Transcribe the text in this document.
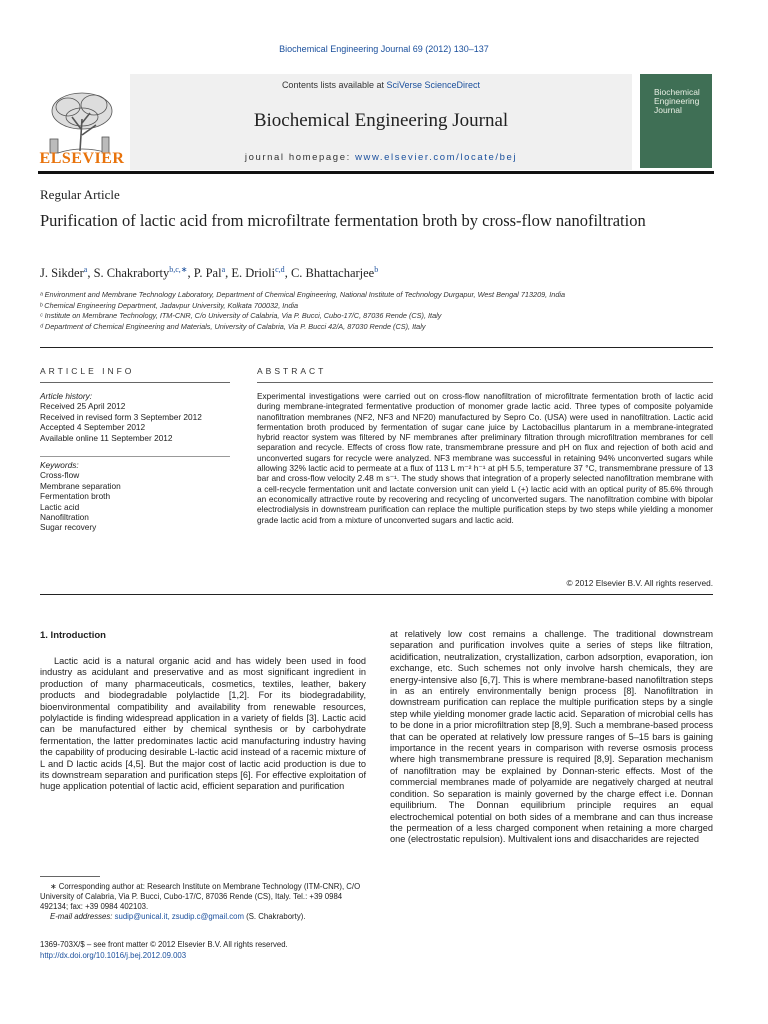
Biochemical Engineering Journal 69 (2012) 130–137
Contents lists available at SciVerse ScienceDirect
Biochemical Engineering Journal
journal homepage: www.elsevier.com/locate/bej
ELSEVIER
Biochemical Engineering Journal
Regular Article
Purification of lactic acid from microfiltrate fermentation broth by cross-flow nanofiltration
J. Sikder$^a$, S. Chakraborty$^{b,c,∗}$, P. Pal$^a$, E. Drioli$^{c,d}$, C. Bhattacharjee$^b$
ᵃ Environment and Membrane Technology Laboratory, Department of Chemical Engineering, National Institute of Technology Durgapur, West Bengal 713209, India
ᵇ Chemical Engineering Department, Jadavpur University, Kolkata 700032, India
ᶜ Institute on Membrane Technology, ITM-CNR, C/o University of Calabria, Via P. Bucci, Cubo-17/C, 87036 Rende (CS), Italy
ᵈ Department of Chemical Engineering and Materials, University of Calabria, Via P. Bucci 42/A, 87030 Rende (CS), Italy
ARTICLE INFO	ABSTRACT
Article history:
Received 25 April 2012
Received in revised form 3 September 2012
Accepted 4 September 2012
Available online 11 September 2012
Keywords:
Cross-flow
Membrane separation
Fermentation broth
Lactic acid
Nanofiltration
Sugar recovery
Experimental investigations were carried out on cross-flow nanofiltration of microfiltrate fermentation broth of lactic acid during membrane-integrated fermentative production of monomer grade lactic acid. Three types of composite polyamide nanofiltration membranes (NF2, NF3 and NF20) manufactured by Sepro Co. (USA) were used in nanofiltration. Lactic acid fermentation broth produced by fermentation of sugar cane juice by Lactobacillus plantarum in a membrane-integrated hybrid reactor system was filtered by NF membranes after preliminary filtration through microfiltration membranes for cell separation and recycle. Effects of cross flow rate, transmembrane pressure and pH on flux and rejection of both acid and unconverted sugars for recycle were analyzed. NF3 membrane was successful in retaining 94% unconverted sugars while allowing 32% lactic acid to permeate at a flux of 113 L m⁻² h⁻¹ at pH 5.5, temperature 37 °C, transmembrane pressure of 13 bar and cross-flow velocity 2.48 m s⁻¹. The study shows that integration of a properly selected nanofiltration membrane with a cell-recycle fermentation unit and lactate conversion unit can yield L (+) lactic acid with an optical purity of 85.6% through an economically attractive route by recovering and recycling of unconverted sugars. The nanofiltration combine with bipolar electrodialysis in downstream purification can replace the multiple purification steps by two steps while yielding a monomer grade lactic acid from a mixture of unconverted sugars and lactic acid.
© 2012 Elsevier B.V. All rights reserved.
1. Introduction

Lactic acid is a natural organic acid and has widely been used in food industry as acidulant and preservative and as most significant ingredient in production of many pharmaceuticals, cosmetics, textiles, leather, bakery products and biodegradable polylactide [1,2]. For its biodegradability, bioenvironmental compatibility and availability from renewable resources, polylactide is finding widespread application in a variety of fields [3]. Lactic acid can be manufactured either by chemical synthesis or by carbohydrate fermentation, the latter predominates lactic acid manufacturing industry having the capability of producing desirable L-lactic acid instead of a racemic mixture of L and D lactic acids [4,5]. But the major cost of lactic acid production is due to its downstream separation and purification steps [6]. For effective exploitation of huge application potential of lactic acid, efficient separation and purification

at relatively low cost remains a challenge. The traditional downstream separation and purification involves quite a series of steps like filtration, acidification, neutralization, crystallization, carbon adsorption, evaporation, ion exchange, etc. Such schemes not only involve harsh chemicals, they are energy-intensive also [6,7]. This is where membrane-based nanofiltration steps in as an entirely environmentally benign process [8]. Nanofiltration in downstream purification can replace the multiple purification steps by a single step while yielding monomer grade lactic acid. Separation of microbial cells has to be done in a prior microfiltration step [8,9]. Such a membrane-based process that can be operated at relatively low pressure ranges of 5–15 bars is gaining importance in the recent years in comparison with reverse osmosis process where high transmembrane pressure is required [8,9]. Separation mechanism of nanofiltration may be explained by Donnan-steric effects. Most of the commercial membranes made of polyamide are negatively charged at neutral condition. So separation is mainly governed by the charge effect i.e. Donnan equilibrium. The Donnan equilibrium principle requires an equal electrochemical potential on both sides of a membrane and can thus increase the permeation of a less charged component when retaining a more charged one (electrostatic repulsion). Multivalent ions and disaccharides are rejected

∗ Corresponding author at: Research Institute on Membrane Technology (ITM-CNR), C/O University of Calabria, Via P. Bucci, Cubo-17/C, 87036 Rende (CS), Italy. Tel.: +39 0984 492134; fax: +39 0984 402103.
E-mail addresses: sudip@unical.it, zsudip.c@gmail.com (S. Chakraborty).
1369-703X/$ – see front matter © 2012 Elsevier B.V. All rights reserved.
http://dx.doi.org/10.1016/j.bej.2012.09.003
